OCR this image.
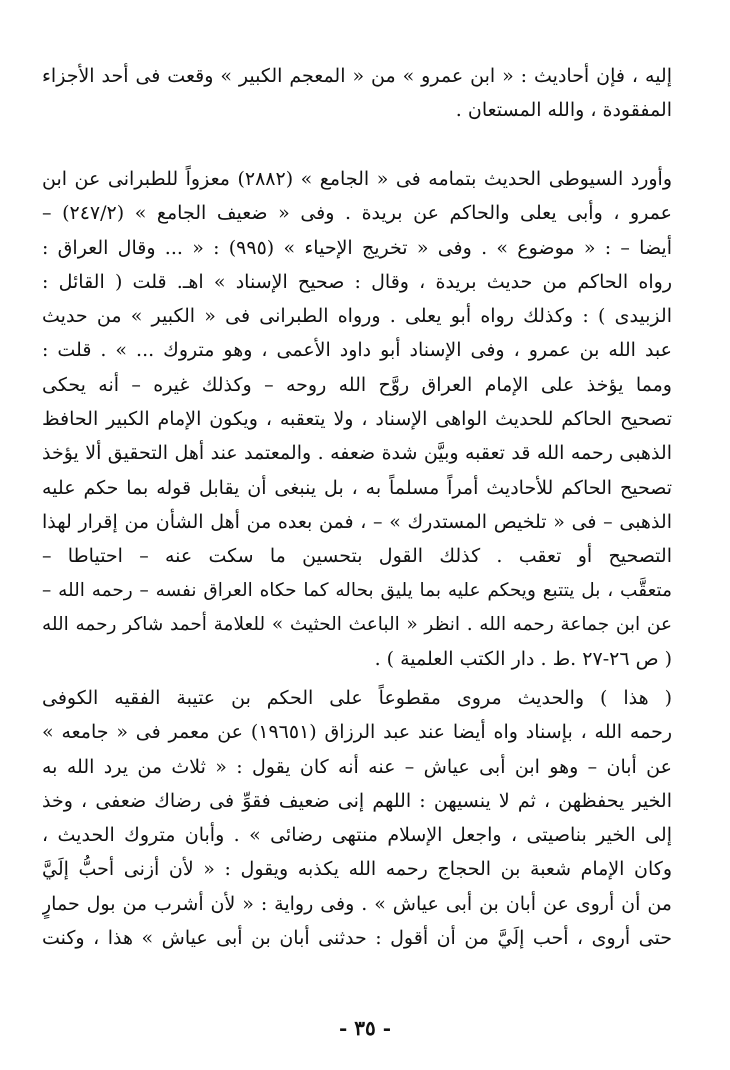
إليه ، فإن أحاديث : « ابن عمرو » من « المعجم الكبير » وقعت فى أحد الأجزاء
المفقودة ، والله المستعان .
وأورد السيوطى الحديث بتمامه فى « الجامع » (٢٨٨٢) معزواً للطبرانى عن ابن
عمرو ، وأبى يعلى والحاكم عن بريدة . وفى « ضعيف الجامع » (٢٤٧/٢) –
أيضا – : « موضوع » . وفى « تخريج الإحياء » (٩٩٥) : « ... وقال العراق :
رواه الحاكم من حديث بريدة ، وقال : صحيح الإسناد » اهـ. قلت ( القائل :
الزبيدى ) : وكذلك رواه أبو يعلى . ورواه الطبرانى فى « الكبير » من حديث
عبد الله بن عمرو ، وفى الإسناد أبو داود الأعمى ، وهو متروك ... » . قلت :
ومما يؤخذ على الإمام العراق روَّح الله روحه – وكذلك غيره – أنه يحكى
تصحيح الحاكم للحديث الواهى الإسناد ، ولا يتعقبه ، ويكون الإمام الكبير الحافظ
الذهبى رحمه الله قد تعقبه وبيَّن شدة ضعفه . والمعتمد عند أهل التحقيق ألا يؤخذ
تصحيح الحاكم للأحاديث أمراً مسلماً به ، بل ينبغى أن يقابل قوله بما حكم عليه
الذهبى – فى « تلخيص المستدرك » – ، فمن بعده من أهل الشأن من إقرار لهذا
التصحيح أو تعقب . كذلك القول بتحسين ما سكت عنه – احتياطا –
متعقَّب ، بل يتتبع ويحكم عليه بما يليق بحاله كما حكاه العراق نفسه – رحمه الله –
عن ابن جماعة رحمه الله . انظر « الباعث الحثيث » للعلامة أحمد شاكر رحمه الله
( ص ٢٦-٢٧ .ط . دار الكتب العلمية ) .
( هذا ) والحديث مروى مقطوعاً على الحكم بن عتيبة الفقيه الكوفى
رحمه الله ، بإسناد واه أيضا عند عبد الرزاق (١٩٦٥١) عن معمر فى « جامعه »
عن أبان – وهو ابن أبى عياش – عنه أنه كان يقول : « ثلاث من يرد الله به
الخير يحفظهن ، ثم لا ينسيهن : اللهم إنى ضعيف فقوِّ فى رضاك ضعفى ، وخذ
إلى الخير بناصيتى ، واجعل الإسلام منتهى رضائى » . وأبان متروك الحديث ،
وكان الإمام شعبة بن الحجاج رحمه الله يكذبه ويقول : « لأن أزنى أحبُّ إلَيَّ
من أن أروى عن أبان بن أبى عياش » . وفى رواية : « لأن أشرب من بول حمارٍ
حتى أروى ، أحب إلَيَّ من أن أقول : حدثنى أبان بن أبى عياش » هذا ، وكنت
- ٣٥ -
